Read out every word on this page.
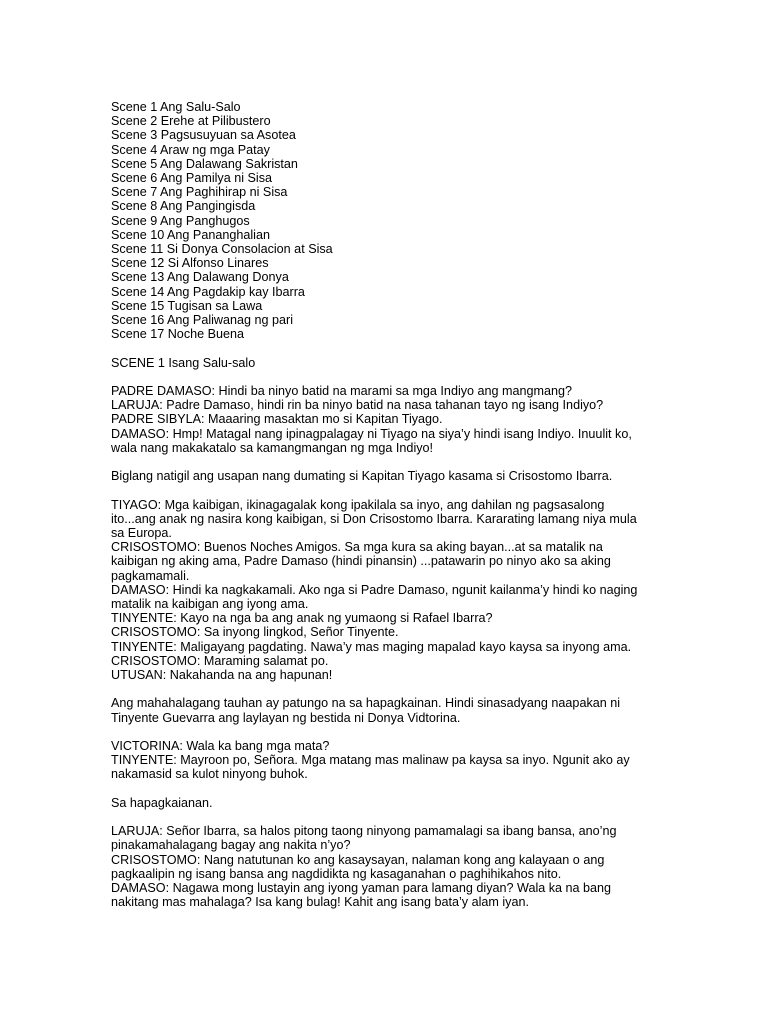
Scene 1 Ang Salu-Salo
Scene 2 Erehe at Pilibustero
Scene 3 Pagsusuyuan sa Asotea
Scene 4 Araw ng mga Patay
Scene 5 Ang Dalawang Sakristan
Scene 6 Ang Pamilya ni Sisa
Scene 7 Ang Paghihirap ni Sisa
Scene 8 Ang Pangingisda
Scene 9 Ang Panghugos
Scene 10 Ang Pananghalian
Scene 11 Si Donya Consolacion at Sisa
Scene 12 Si Alfonso Linares
Scene 13 Ang Dalawang Donya
Scene 14 Ang Pagdakip kay Ibarra
Scene 15 Tugisan sa Lawa
Scene 16 Ang Paliwanag ng pari
Scene 17 Noche Buena
SCENE 1 Isang Salu-salo
PADRE DAMASO: Hindi ba ninyo batid na marami sa mga Indiyo ang mangmang?
LARUJA: Padre Damaso, hindi rin ba ninyo batid na nasa tahanan tayo ng isang Indiyo?
PADRE SIBYLA: Maaaring masaktan mo si Kapitan Tiyago.
DAMASO: Hmp! Matagal nang ipinagpalagay ni Tiyago na siya’y hindi isang Indiyo. Inuulit ko,
wala nang makakatalo sa kamangmangan ng mga Indiyo!
Biglang natigil ang usapan nang dumating si Kapitan Tiyago kasama si Crisostomo Ibarra.
TIYAGO: Mga kaibigan, ikinagagalak kong ipakilala sa inyo, ang dahilan ng pagsasalong
ito...ang anak ng nasira kong kaibigan, si Don Crisostomo Ibarra. Kararating lamang niya mula
sa Europa.
CRISOSTOMO: Buenos Noches Amigos. Sa mga kura sa aking bayan...at sa matalik na
kaibigan ng aking ama, Padre Damaso (hindi pinansin) ...patawarin po ninyo ako sa aking
pagkamamali.
DAMASO: Hindi ka nagkakamali. Ako nga si Padre Damaso, ngunit kailanma’y hindi ko naging
matalik na kaibigan ang iyong ama.
TINYENTE: Kayo na nga ba ang anak ng yumaong si Rafael Ibarra?
CRISOSTOMO: Sa inyong lingkod, Señor Tinyente.
TINYENTE: Maligayang pagdating. Nawa’y mas maging mapalad kayo kaysa sa inyong ama.
CRISOSTOMO: Maraming salamat po.
UTUSAN: Nakahanda na ang hapunan!
Ang mahahalagang tauhan ay patungo na sa hapagkainan. Hindi sinasadyang naapakan ni
Tinyente Guevarra ang laylayan ng bestida ni Donya Vidtorina.
VICTORINA: Wala ka bang mga mata?
TINYENTE: Mayroon po, Señora. Mga matang mas malinaw pa kaysa sa inyo. Ngunit ako ay
nakamasid sa kulot ninyong buhok.
Sa hapagkaianan.
LARUJA: Señor Ibarra, sa halos pitong taong ninyong pamamalagi sa ibang bansa, ano’ng
pinakamahalagang bagay ang nakita n’yo?
CRISOSTOMO: Nang natutunan ko ang kasaysayan, nalaman kong ang kalayaan o ang
pagkaalipin ng isang bansa ang nagdidikta ng kasaganahan o paghihikahos nito.
DAMASO: Nagawa mong lustayin ang iyong yaman para lamang diyan? Wala ka na bang
nakitang mas mahalaga? Isa kang bulag! Kahit ang isang bata’y alam iyan.
